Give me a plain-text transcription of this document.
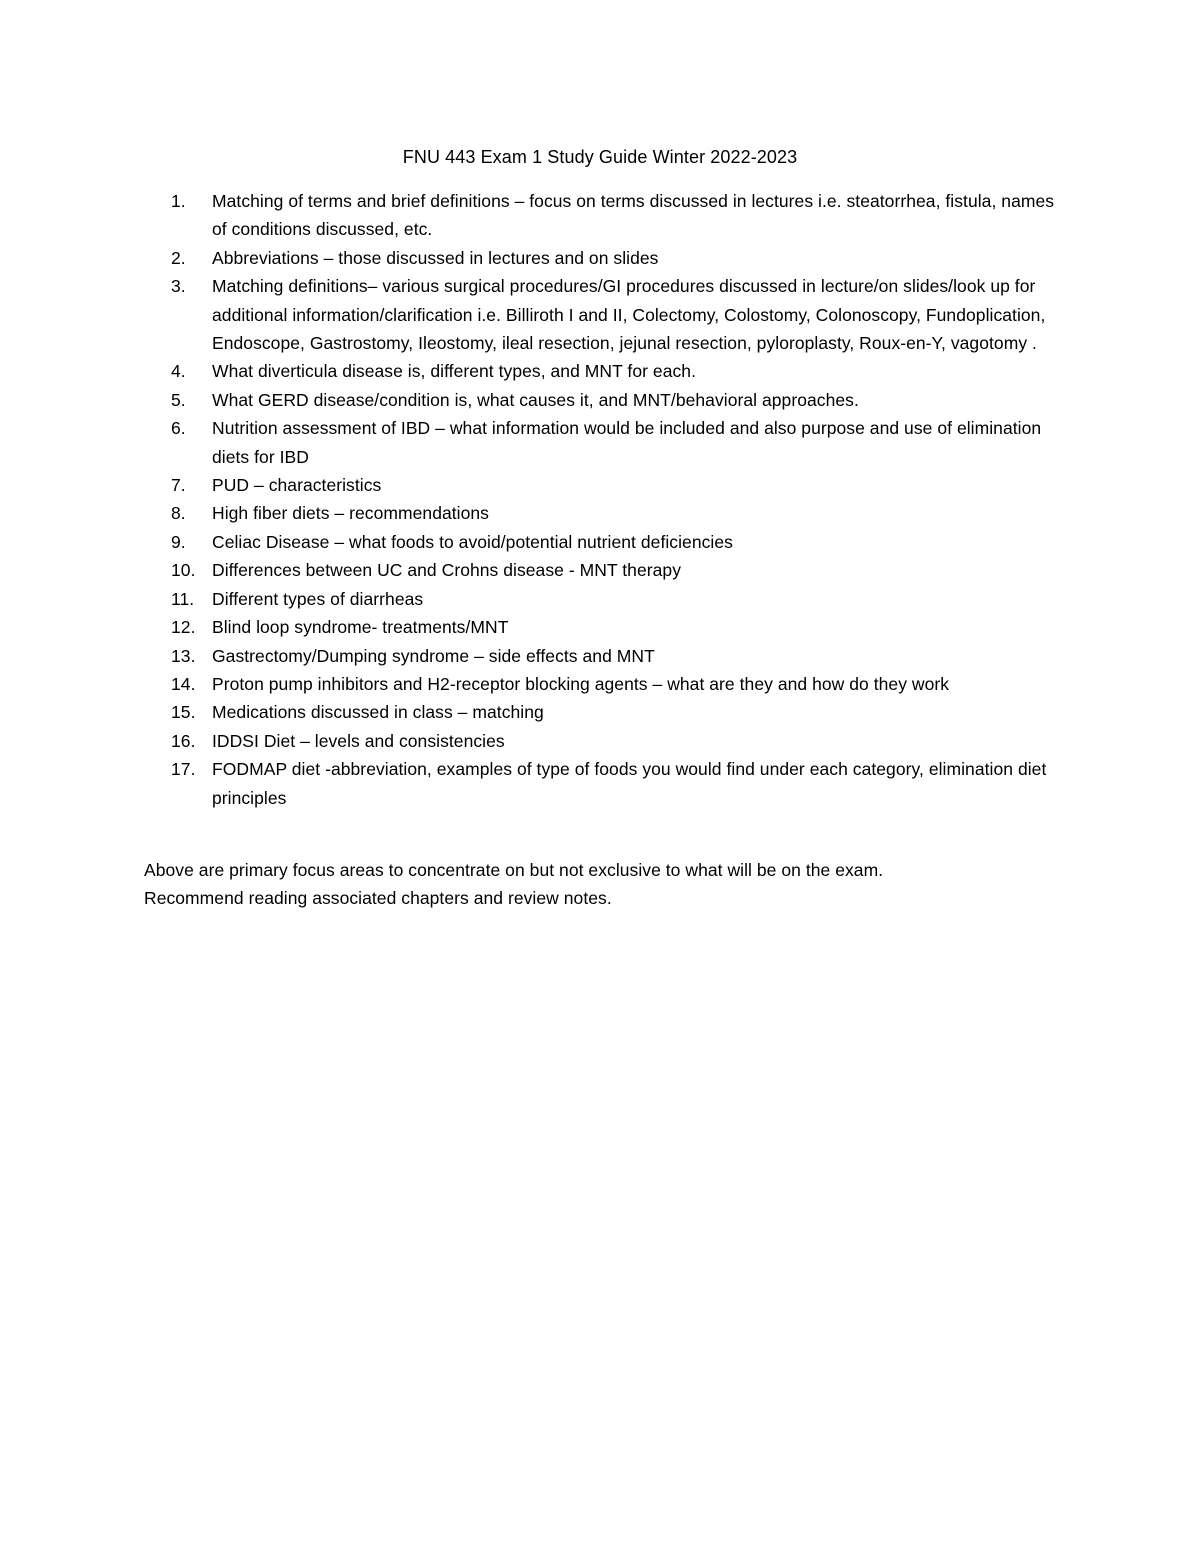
FNU 443 Exam 1 Study Guide Winter 2022-2023
1.	Matching of terms and brief definitions – focus on terms discussed in lectures i.e. steatorrhea, fistula, names of conditions discussed, etc.
2.	Abbreviations – those discussed in lectures and on slides
3.	Matching definitions– various surgical procedures/GI procedures discussed in lecture/on slides/look up for additional information/clarification i.e. Billiroth I and II, Colectomy, Colostomy, Colonoscopy, Fundoplication, Endoscope, Gastrostomy, Ileostomy, ileal resection, jejunal resection, pyloroplasty, Roux-en-Y, vagotomy .
4.	What diverticula disease is, different types, and MNT for each.
5.	What GERD disease/condition is, what causes it, and MNT/behavioral approaches.
6.	Nutrition assessment of IBD – what information would be included and also purpose and use of elimination diets for IBD
7.	PUD – characteristics
8.	High fiber diets – recommendations
9.	Celiac Disease – what foods to avoid/potential nutrient deficiencies
10. Differences between UC and Crohns disease - MNT therapy
11.	Different types of diarrheas
12. Blind loop syndrome- treatments/MNT
13. Gastrectomy/Dumping syndrome – side effects and MNT
14. Proton pump inhibitors and H2-receptor blocking agents – what are they and how do they work
15. Medications discussed in class – matching
16. IDDSI Diet – levels and consistencies
17. FODMAP diet -abbreviation, examples of type of foods you would find under each category, elimination diet principles

Above are primary focus areas to concentrate on but not exclusive to what will be on the exam.

Recommend reading associated chapters and review notes.
